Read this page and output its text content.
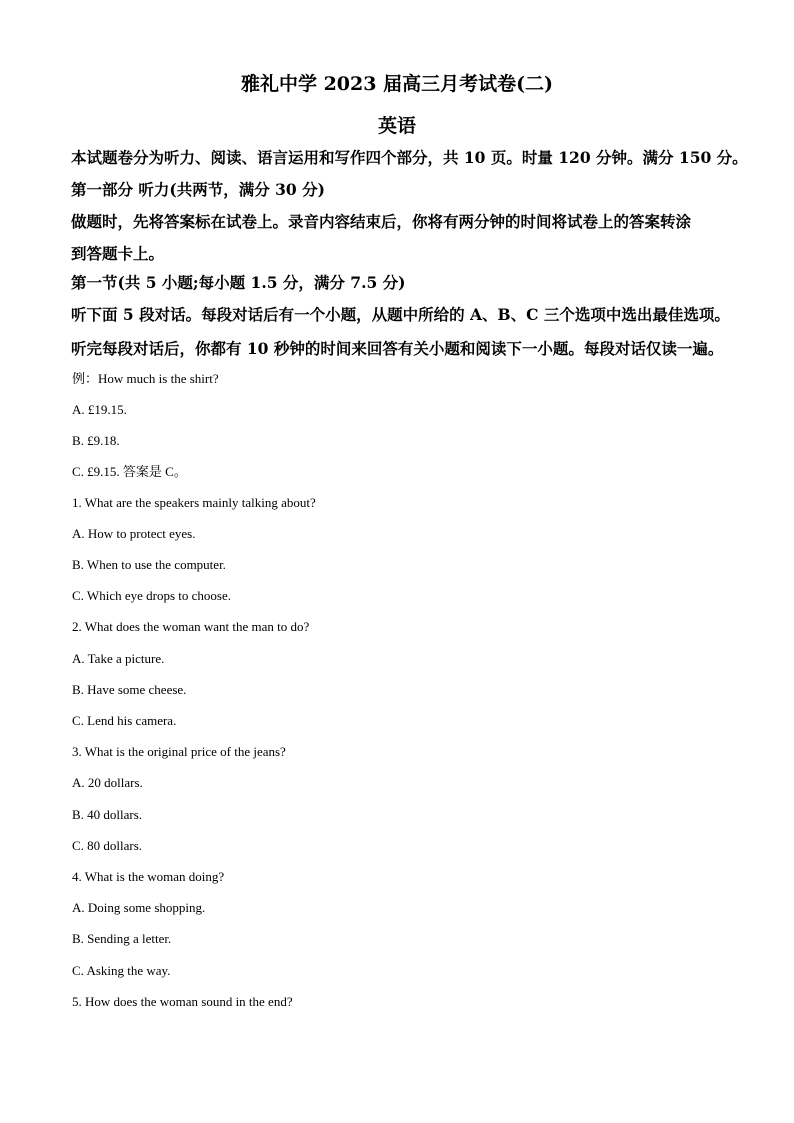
雅礼中学 2023 届高三月考试卷(二)
英语
本试题卷分为听力、阅读、语言运用和写作四个部分，共 10 页。时量 120 分钟。满分 150 分。
第一部分 听力(共两节，满分 30 分)
做题时，先将答案标在试卷上。录音内容结束后，你将有两分钟的时间将试卷上的答案转涂
到答题卡上。
第一节(共 5 小题;每小题 1.5 分，满分 7.5 分)
听下面 5 段对话。每段对话后有一个小题，从题中所给的 A、B、C 三个选项中选出最佳选项。
听完每段对话后，你都有 10 秒钟的时间来回答有关小题和阅读下一小题。每段对话仅读一遍。
例：How much is the shirt?
A. £19.15.
B. £9.18.
C. £9.15. 答案是 C。
1. What are the speakers mainly talking about?
A. How to protect eyes.
B. When to use the computer.
C. Which eye drops to choose.
2. What does the woman want the man to do?
A. Take a picture.
B. Have some cheese.
C. Lend his camera.
3. What is the original price of the jeans?
A. 20 dollars.
B. 40 dollars.
C. 80 dollars.
4. What is the woman doing?
A. Doing some shopping.
B. Sending a letter.
C. Asking the way.
5. How does the woman sound in the end?
